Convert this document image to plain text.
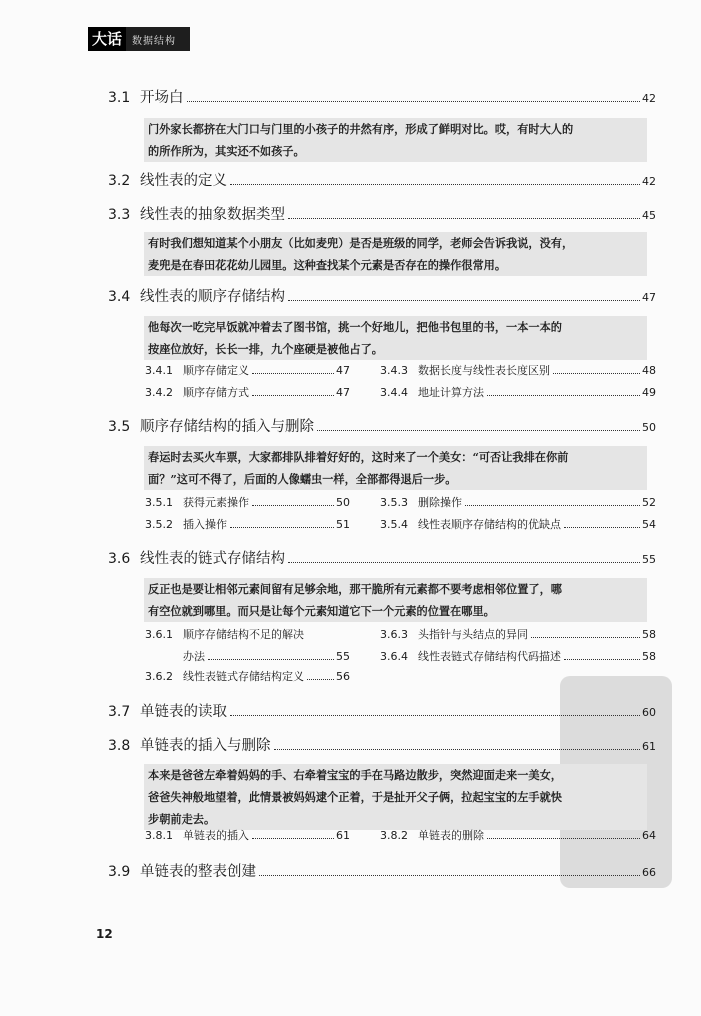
大话	数据结构
3.1 开场白	42
门外家长都挤在大门口与门里的小孩子的井然有序，形成了鲜明对比。哎，有时大人的
的所作所为，其实还不如孩子。
3.2 线性表的定义	42
3.3 线性表的抽象数据类型	45
有时我们想知道某个小朋友（比如麦兜）是否是班级的同学，老师会告诉我说，没有，
麦兜是在春田花花幼儿园里。这种查找某个元素是否存在的操作很常用。
3.4 线性表的顺序存储结构	47
他每次一吃完早饭就冲着去了图书馆，挑一个好地儿，把他书包里的书，一本一本的
按座位放好，长长一排，九个座硬是被他占了。
3.4.1 顺序存储定义	47	3.4.3 数据长度与线性表长度区别	48
3.4.2 顺序存储方式	47	3.4.4 地址计算方法	49
3.5 顺序存储结构的插入与删除	50
春运时去买火车票，大家都排队排着好好的，这时来了一个美女：“可否让我排在你前
面？”这可不得了，后面的人像蠕虫一样，全部都得退后一步。
3.5.1 获得元素操作	50	3.5.3 删除操作	52
3.5.2 插入操作	51	3.5.4 线性表顺序存储结构的优缺点	54
3.6 线性表的链式存储结构	55
反正也是要让相邻元素间留有足够余地，那干脆所有元素都不要考虑相邻位置了，哪
有空位就到哪里。而只是让每个元素知道它下一个元素的位置在哪里。
3.6.1 顺序存储结构不足的解决
办法	55
3.6.3 头指针与头结点的异同	58
3.6.4 线性表链式存储结构代码描述	58
3.6.2 线性表链式存储结构定义	56
3.7 单链表的读取	60
3.8 单链表的插入与删除	61
本来是爸爸左牵着妈妈的手、右牵着宝宝的手在马路边散步，突然迎面走来一美女，
爸爸失神般地望着，此情景被妈妈逮个正着，于是扯开父子俩，拉起宝宝的左手就快
步朝前走去。
3.8.1 单链表的插入	61	3.8.2 单链表的删除	64
3.9 单链表的整表创建	66
12
